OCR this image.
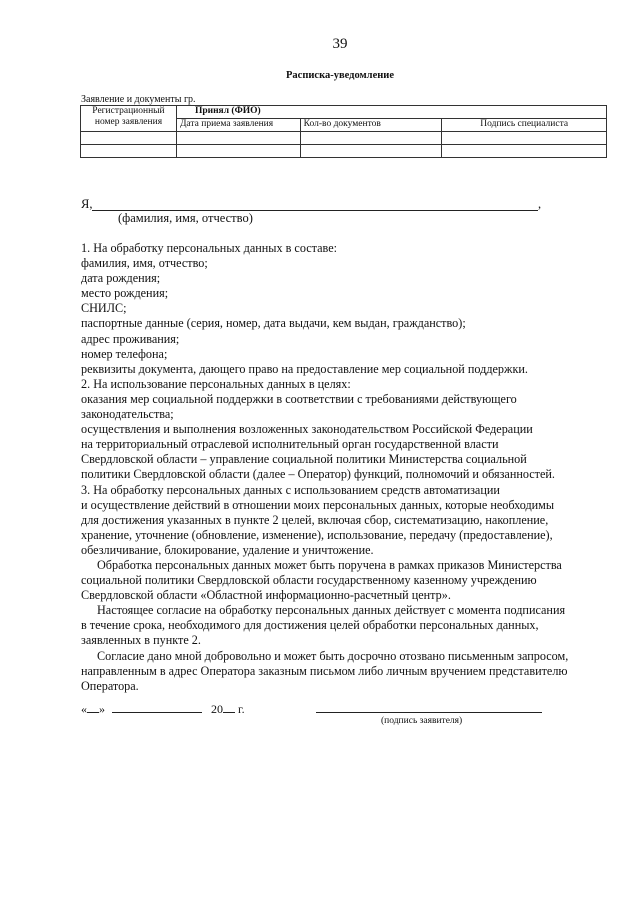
39
Расписка-уведомление
Заявление и документы гр.
Регистрационный номер заявления	Принял (ФИО)		
	Дата приема заявления	Кол-во документов	Подпись специалиста

Я,	,
(фамилия, имя, отчество)
1. На обработку персональных данных в составе:
фамилия, имя, отчество;
дата рождения;
место рождения;
СНИЛС;
паспортные данные (серия, номер, дата выдачи, кем выдан, гражданство);
адрес проживания;
номер телефона;
реквизиты документа, дающего право на предоставление мер социальной поддержки.
2. На использование персональных данных в целях:
оказания мер социальной поддержки в соответствии с требованиями действующего
законодательства;
осуществления и выполнения возложенных законодательством Российской Федерации
на территориальный отраслевой исполнительный орган государственной власти
Свердловской области – управление социальной политики Министерства социальной
политики Свердловской области (далее – Оператор) функций, полномочий и обязанностей.
3. На обработку персональных данных с использованием средств автоматизации
и осуществление действий в отношении моих персональных данных, которые необходимы
для достижения указанных в пункте 2 целей, включая сбор, систематизацию, накопление,
хранение, уточнение (обновление, изменение), использование, передачу (предоставление),
обезличивание, блокирование, удаление и уничтожение.
Обработка персональных данных может быть поручена в рамках приказов Министерства
социальной политики Свердловской области государственному казенному учреждению
Свердловской области «Областной информационно-расчетный центр».
Настоящее согласие на обработку персональных данных действует с момента подписания
в течение срока, необходимого для достижения целей обработки персональных данных,
заявленных в пункте 2.
Согласие дано мной добровольно и может быть досрочно отозвано письменным запросом,
направленным в адрес Оператора заказным письмом либо личным вручением представителю
Оператора.
« »	20 г.
(подпись заявителя)
